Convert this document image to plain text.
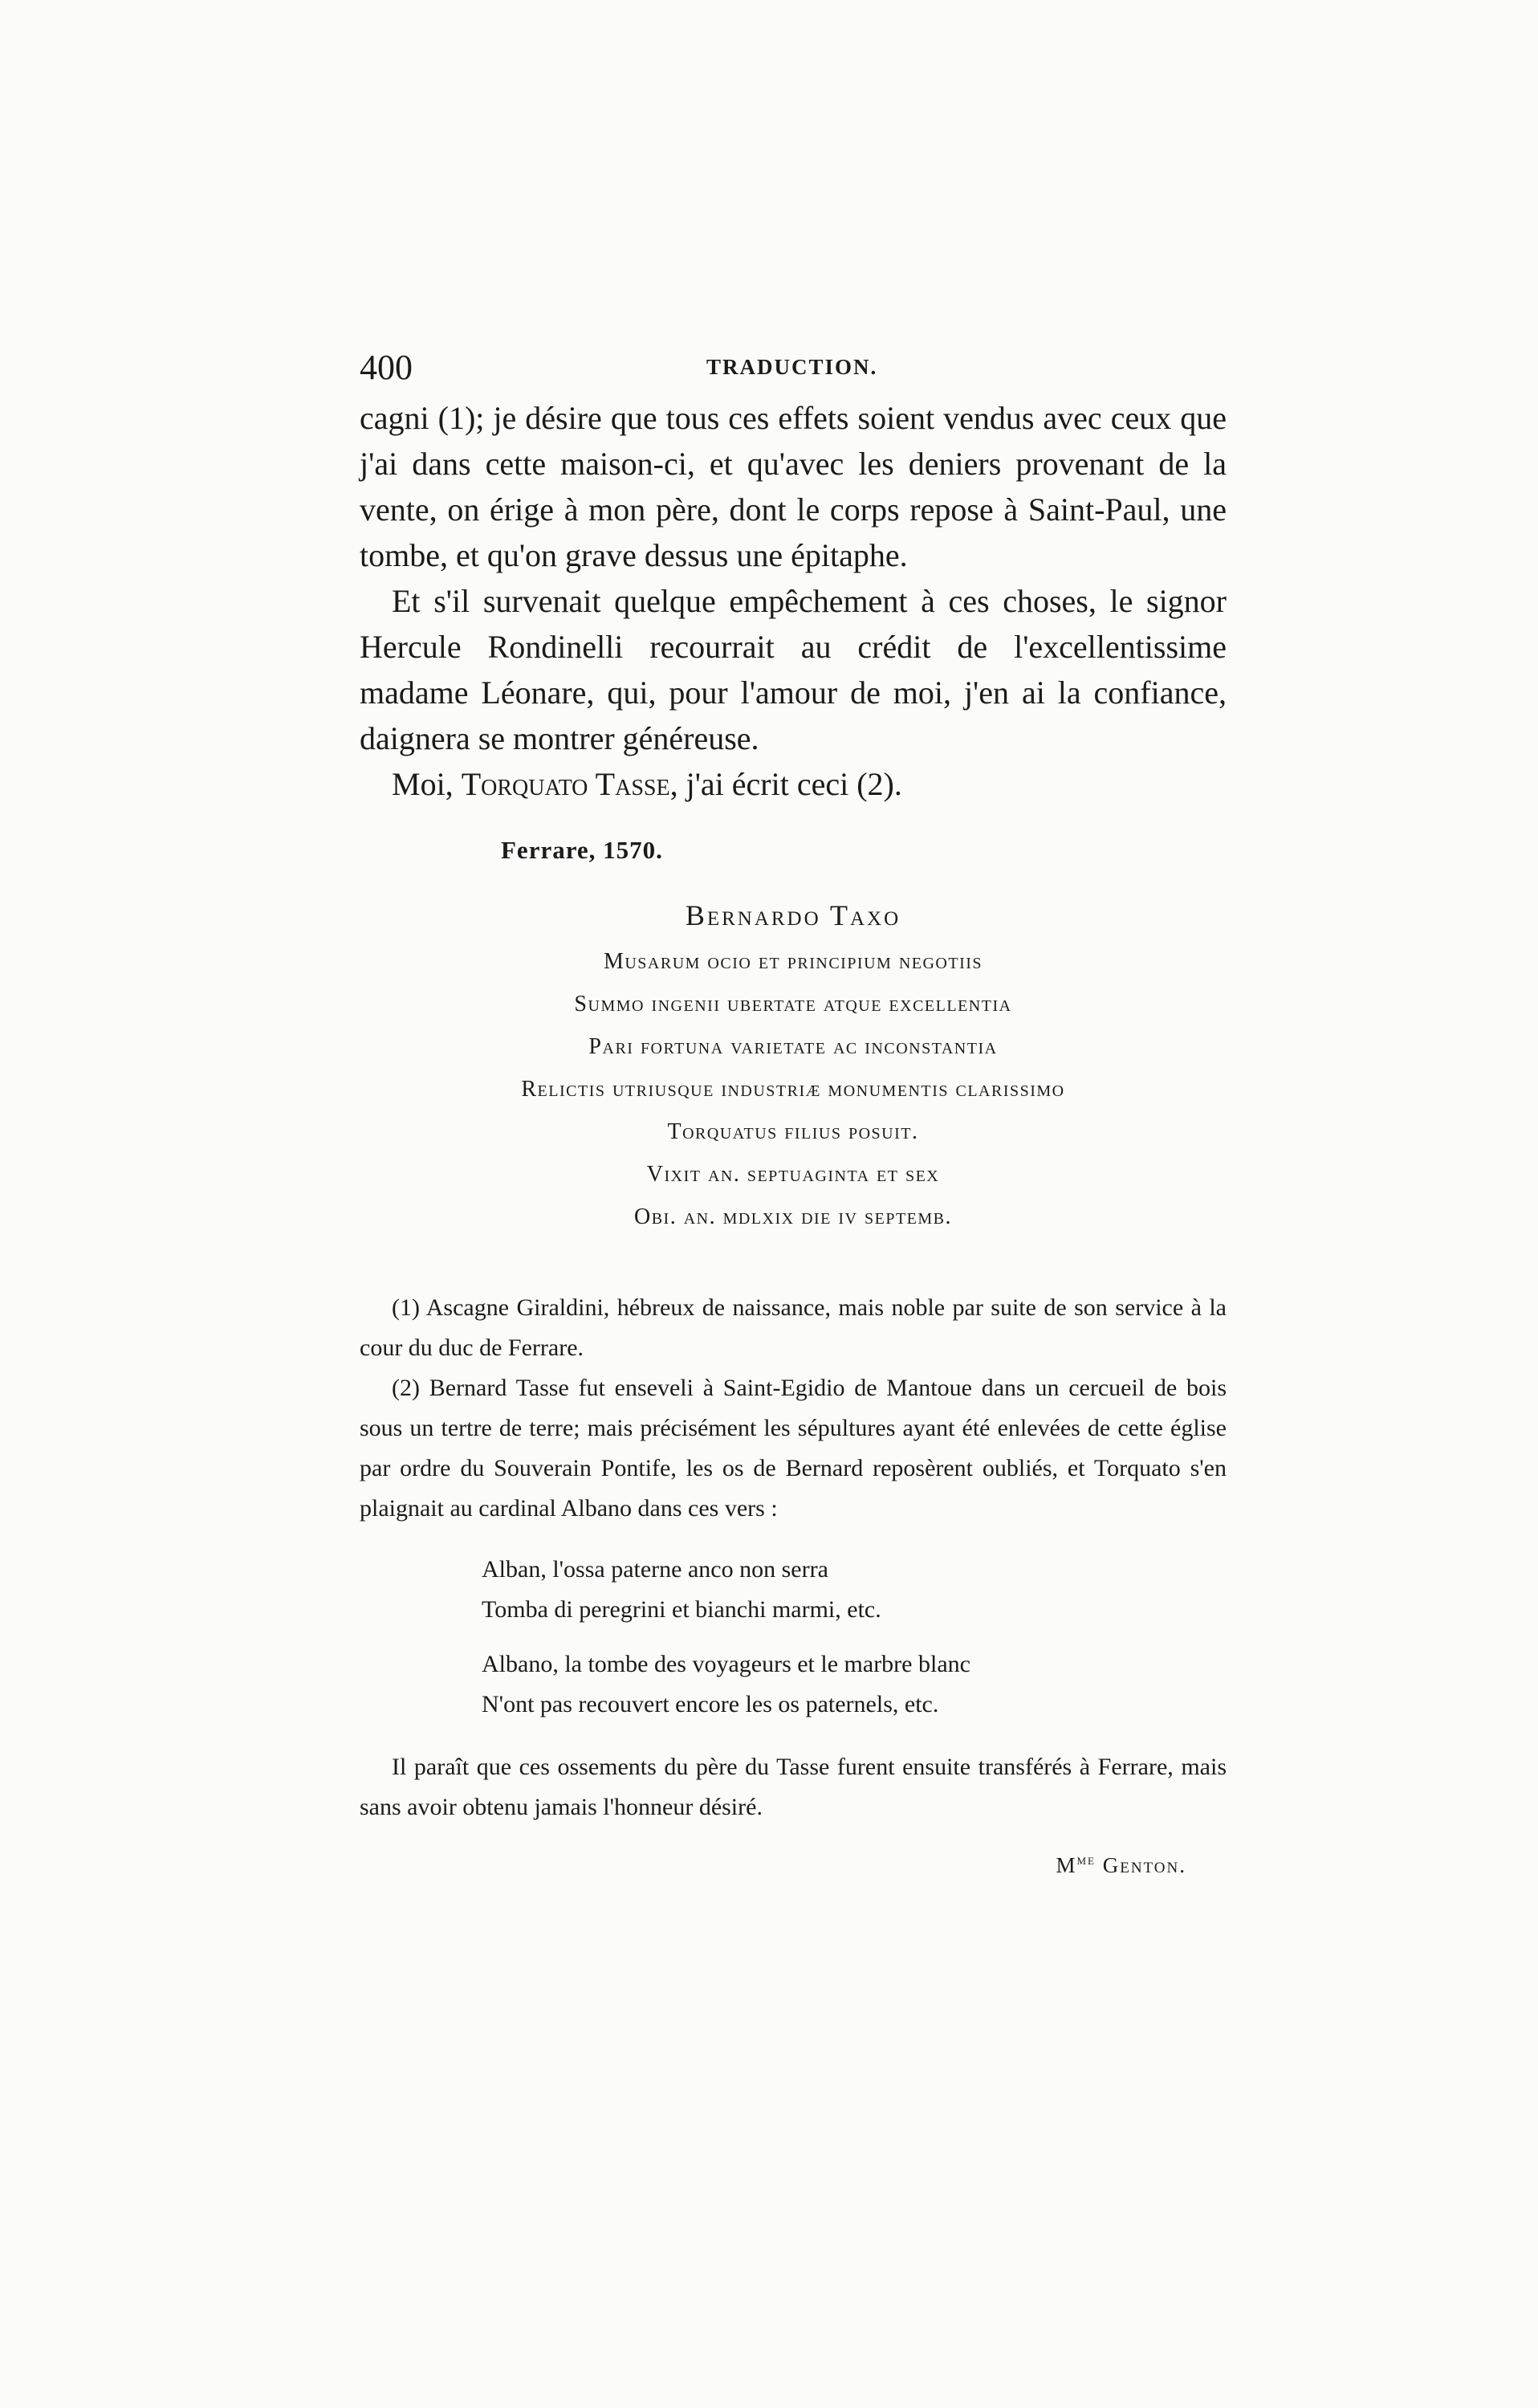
400	TRADUCTION.

cagni (1); je désire que tous ces effets soient vendus avec ceux que j'ai dans cette maison-ci, et qu'avec les deniers provenant de la vente, on érige à mon père, dont le corps repose à Saint-Paul, une tombe, et qu'on grave dessus une épitaphe.

Et s'il survenait quelque empêchement à ces choses, le signor Hercule Rondinelli recourrait au crédit de l'excellentissime madame Léonare, qui, pour l'amour de moi, j'en ai la confiance, daignera se montrer généreuse.

Moi, Torquato Tasse, j'ai écrit ceci (2).

Ferrare, 1570.
Bernardo Taxo
Musarum ocio et principium negotiis
Summo ingenii ubertate atque excellentia
Pari fortuna varietate ac inconstantia
Relictis utriusque industriæ monumentis clarissimo
Torquatus filius posuit.
Vixit an. septuaginta et sex
Obi. an. mdlxix die iv septemb.

(1) Ascagne Giraldini, hébreux de naissance, mais noble par suite de son service à la cour du duc de Ferrare.

(2) Bernard Tasse fut enseveli à Saint-Egidio de Mantoue dans un cercueil de bois sous un tertre de terre; mais précisément les sépultures ayant été enlevées de cette église par ordre du Souverain Pontife, les os de Bernard reposèrent oubliés, et Torquato s'en plaignait au cardinal Albano dans ces vers :

Alban, l'ossa paterne anco non serra
Tomba di peregrini et bianchi marmi, etc.
Albano, la tombe des voyageurs et le marbre blanc
N'ont pas recouvert encore les os paternels, etc.
Il paraît que ces ossements du père du Tasse furent ensuite transférés à Ferrare, mais sans avoir obtenu jamais l'honneur désiré.
$M^{me}$ Genton.
